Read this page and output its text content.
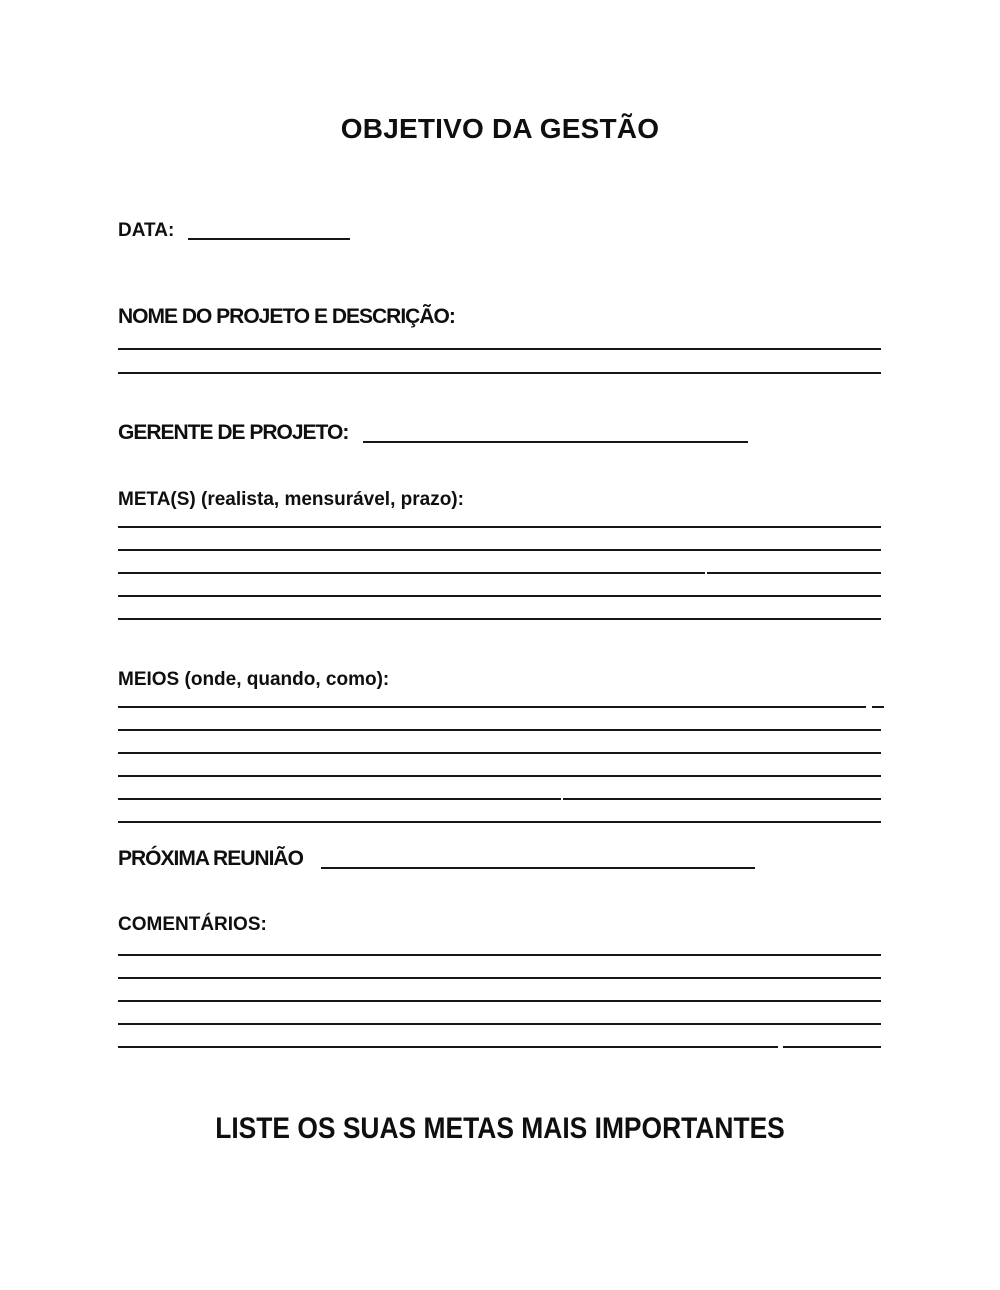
OBJETIVO DA GESTÃO
DATA:
NOME DO PROJETO E DESCRIÇÃO:
GERENTE DE PROJETO:
META(S) (realista, mensurável, prazo):
MEIOS (onde, quando, como):
PRÓXIMA REUNIÃO
COMENTÁRIOS:
LISTE OS SUAS METAS MAIS IMPORTANTES
